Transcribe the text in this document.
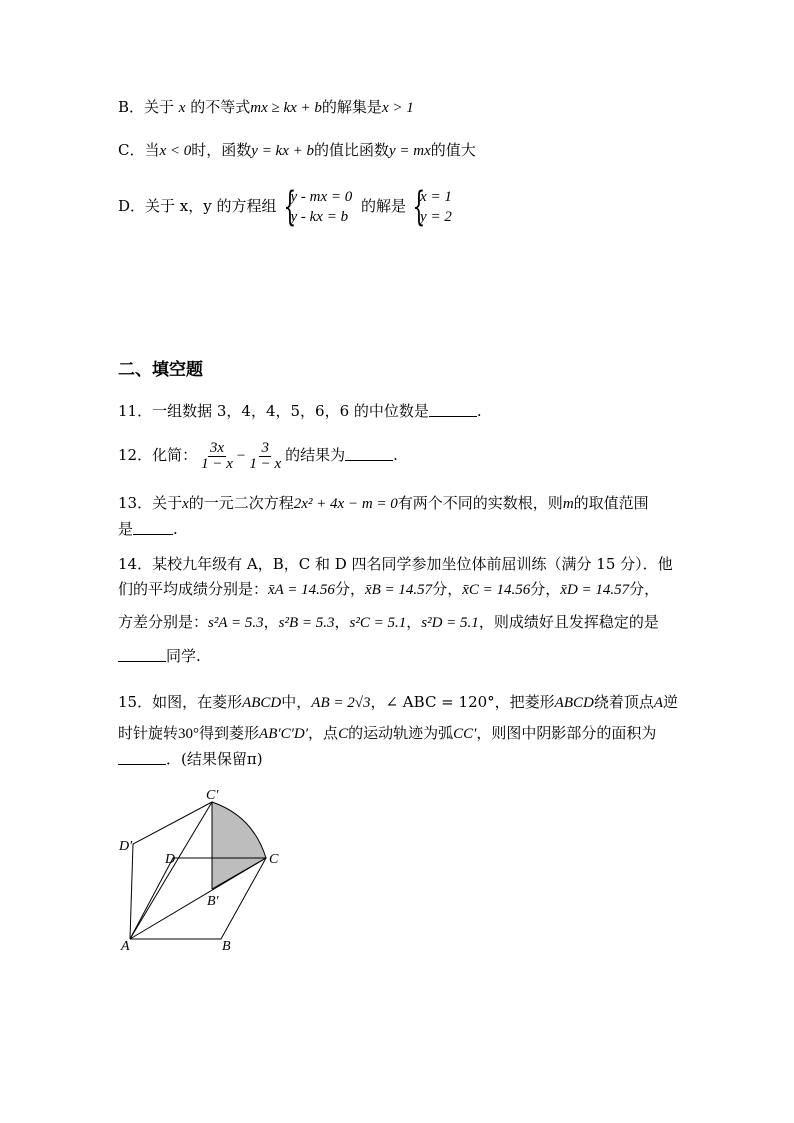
B．关于 x 的不等式mx ≥ kx + b的解集是x > 1
C．当x < 0时，函数y = kx + b的值比函数y = mx的值大
D．关于 x，y 的方程组 {
y - mx = 0
y - kx = b
的解是 {
x = 1
y = 2
二、填空题
11．一组数据 3，4，4，5，6，6 的中位数是	.
12．化简： $\frac{3x}{1 - x} - \frac{3}{1 - x}$ 的结果为	.
13．关于x的一元二次方程2x² + 4x − m = 0有两个不同的实数根，则m的取值范围
是	.
14．某校九年级有 A，B，C 和 D 四名同学参加坐位体前屈训练（满分 15 分）．他
们的平均成绩分别是：x̄A = 14.56分，x̄B = 14.57分，x̄C = 14.56分，x̄D = 14.57分，
方差分别是：s²A = 5.3，s²B = 5.3，s²C = 5.1，s²D = 5.1，则成绩好且发挥稳定的是
同学.
15．如图，在菱形ABCD中，AB = 2√3，∠ ABC = 120°，把菱形ABCD绕着顶点A逆
时针旋转30°得到菱形AB′C′D′，点C的运动轨迹为弧CC′，则图中阴影部分的面积为
．(结果保留π)
C′
D′
D	C
B′
A	B
